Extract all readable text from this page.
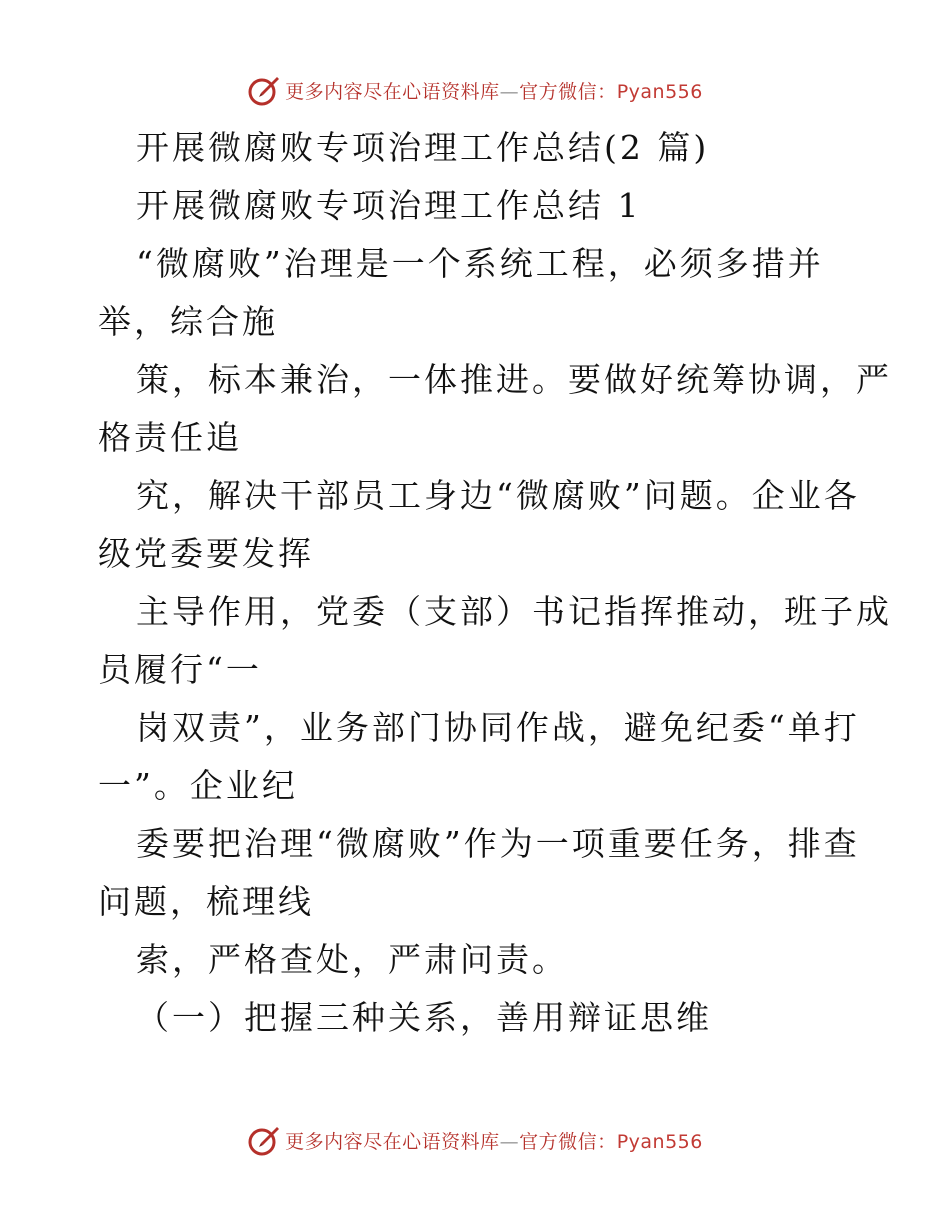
更多内容尽在心语资料库—官方微信：Pyan556
开展微腐败专项治理工作总结(2 篇)
开展微腐败专项治理工作总结 1
“微腐败”治理是一个系统工程，必须多措并
举，综合施
策，标本兼治，一体推进。要做好统筹协调，严
格责任追
究，解决干部员工身边“微腐败”问题。企业各
级党委要发挥
主导作用，党委（支部）书记指挥推动，班子成
员履行“一
岗双责”，业务部门协同作战，避免纪委“单打
一”。企业纪
委要把治理“微腐败”作为一项重要任务，排查
问题，梳理线
索，严格查处，严肃问责。
（一）把握三种关系，善用辩证思维
更多内容尽在心语资料库—官方微信：Pyan556
